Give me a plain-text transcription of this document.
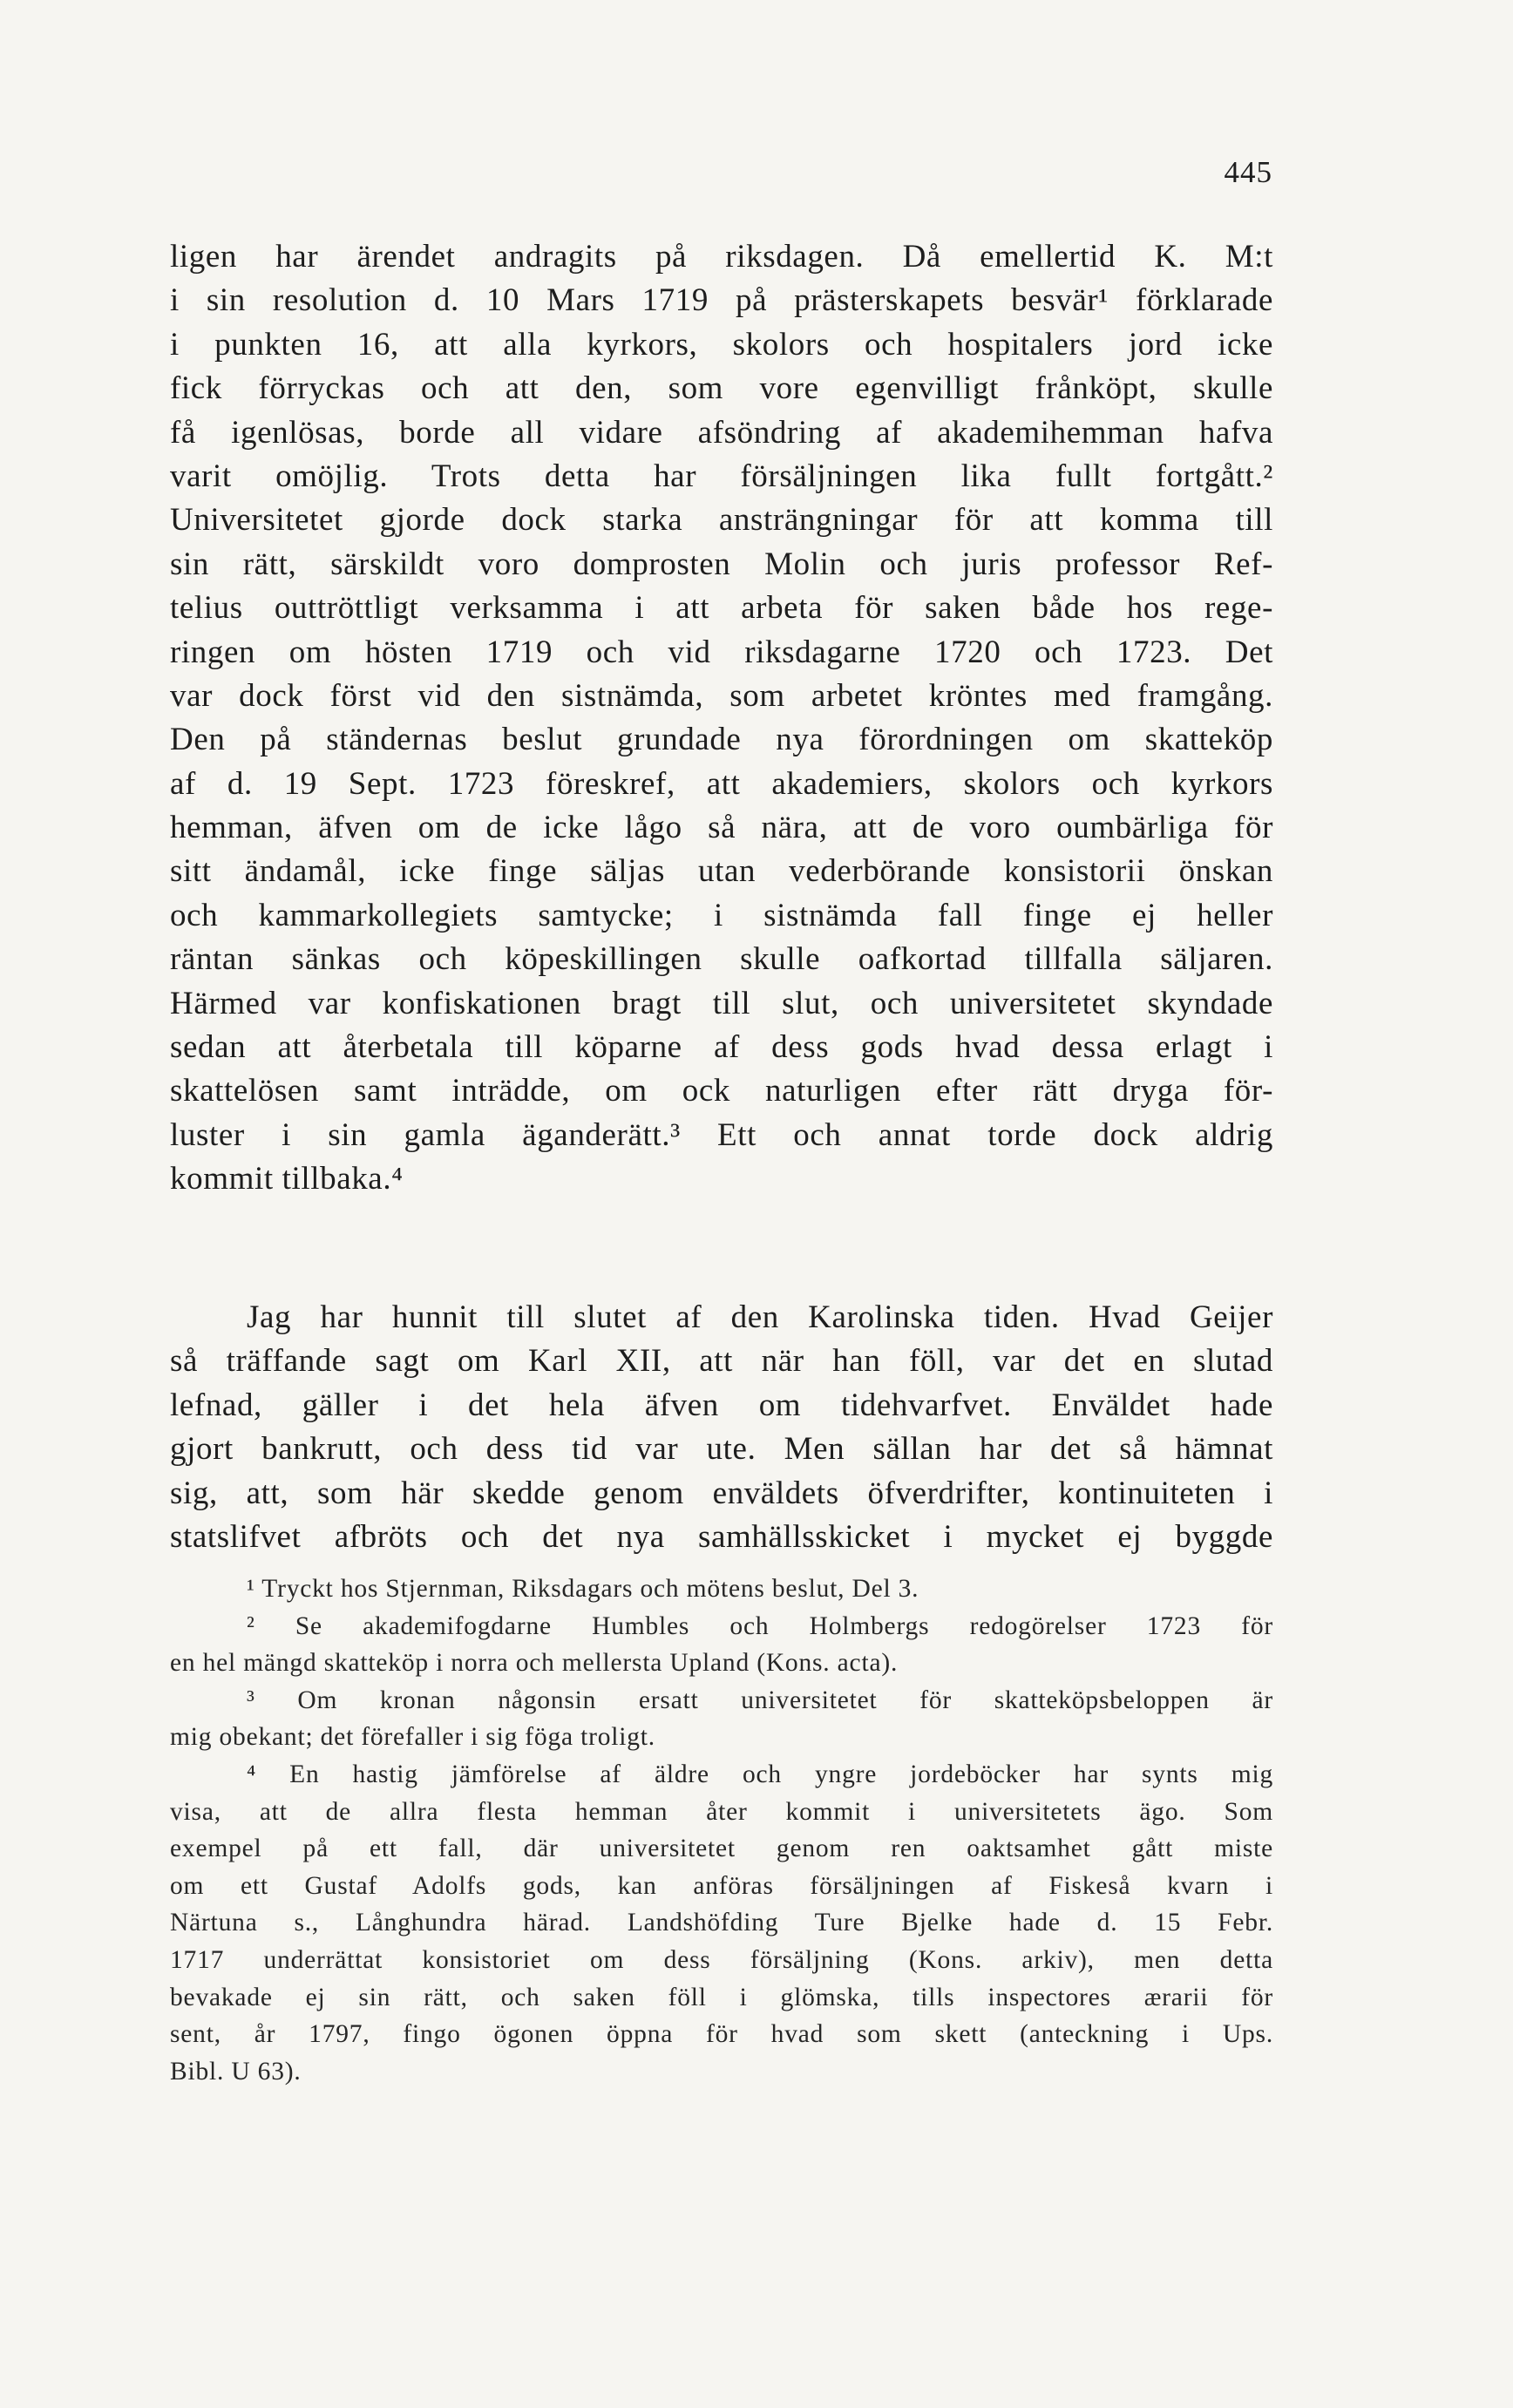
445
ligen har ärendet andragits på riksdagen. Då emellertid K. M:t
i sin resolution d. 10 Mars 1719 på prästerskapets besvär¹ förklarade
i punkten 16, att alla kyrkors, skolors och hospitalers jord icke
fick förryckas och att den, som vore egenvilligt frånköpt, skulle
få igenlösas, borde all vidare afsöndring af akademihemman hafva
varit omöjlig. Trots detta har försäljningen lika fullt fortgått.²
Universitetet gjorde dock starka ansträngningar för att komma till
sin rätt, särskildt voro domprosten Molin och juris professor Ref-
telius outtröttligt verksamma i att arbeta för saken både hos rege-
ringen om hösten 1719 och vid riksdagarne 1720 och 1723. Det
var dock först vid den sistnämda, som arbetet kröntes med framgång.
Den på ständernas beslut grundade nya förordningen om skatteköp
af d. 19 Sept. 1723 föreskref, att akademiers, skolors och kyrkors
hemman, äfven om de icke lågo så nära, att de voro oumbärliga för
sitt ändamål, icke finge säljas utan vederbörande konsistorii önskan
och kammarkollegiets samtycke; i sistnämda fall finge ej heller
räntan sänkas och köpeskillingen skulle oafkortad tillfalla säljaren.
Härmed var konfiskationen bragt till slut, och universitetet skyndade
sedan att återbetala till köparne af dess gods hvad dessa erlagt i
skattelösen samt inträdde, om ock naturligen efter rätt dryga för-
luster i sin gamla äganderätt.³ Ett och annat torde dock aldrig
kommit tillbaka.⁴
Jag har hunnit till slutet af den Karolinska tiden. Hvad Geijer
så träffande sagt om Karl XII, att när han föll, var det en slutad
lefnad, gäller i det hela äfven om tidehvarfvet. Enväldet hade
gjort bankrutt, och dess tid var ute. Men sällan har det så hämnat
sig, att, som här skedde genom enväldets öfverdrifter, kontinuiteten i
statslifvet afbröts och det nya samhällsskicket i mycket ej byggde
¹ Tryckt hos Stjernman, Riksdagars och mötens beslut, Del 3.
² Se akademifogdarne Humbles och Holmbergs redogörelser 1723 för
en hel mängd skatteköp i norra och mellersta Upland (Kons. acta).
³ Om kronan någonsin ersatt universitetet för skatteköpsbeloppen är
mig obekant; det förefaller i sig föga troligt.
⁴ En hastig jämförelse af äldre och yngre jordeböcker har synts mig
visa, att de allra flesta hemman åter kommit i universitetets ägo. Som
exempel på ett fall, där universitetet genom ren oaktsamhet gått miste
om ett Gustaf Adolfs gods, kan anföras försäljningen af Fiskeså kvarn i
Närtuna s., Långhundra härad. Landshöfding Ture Bjelke hade d. 15 Febr.
1717 underrättat konsistoriet om dess försäljning (Kons. arkiv), men detta
bevakade ej sin rätt, och saken föll i glömska, tills inspectores ærarii för
sent, år 1797, fingo ögonen öppna för hvad som skett (anteckning i Ups.
Bibl. U 63).
